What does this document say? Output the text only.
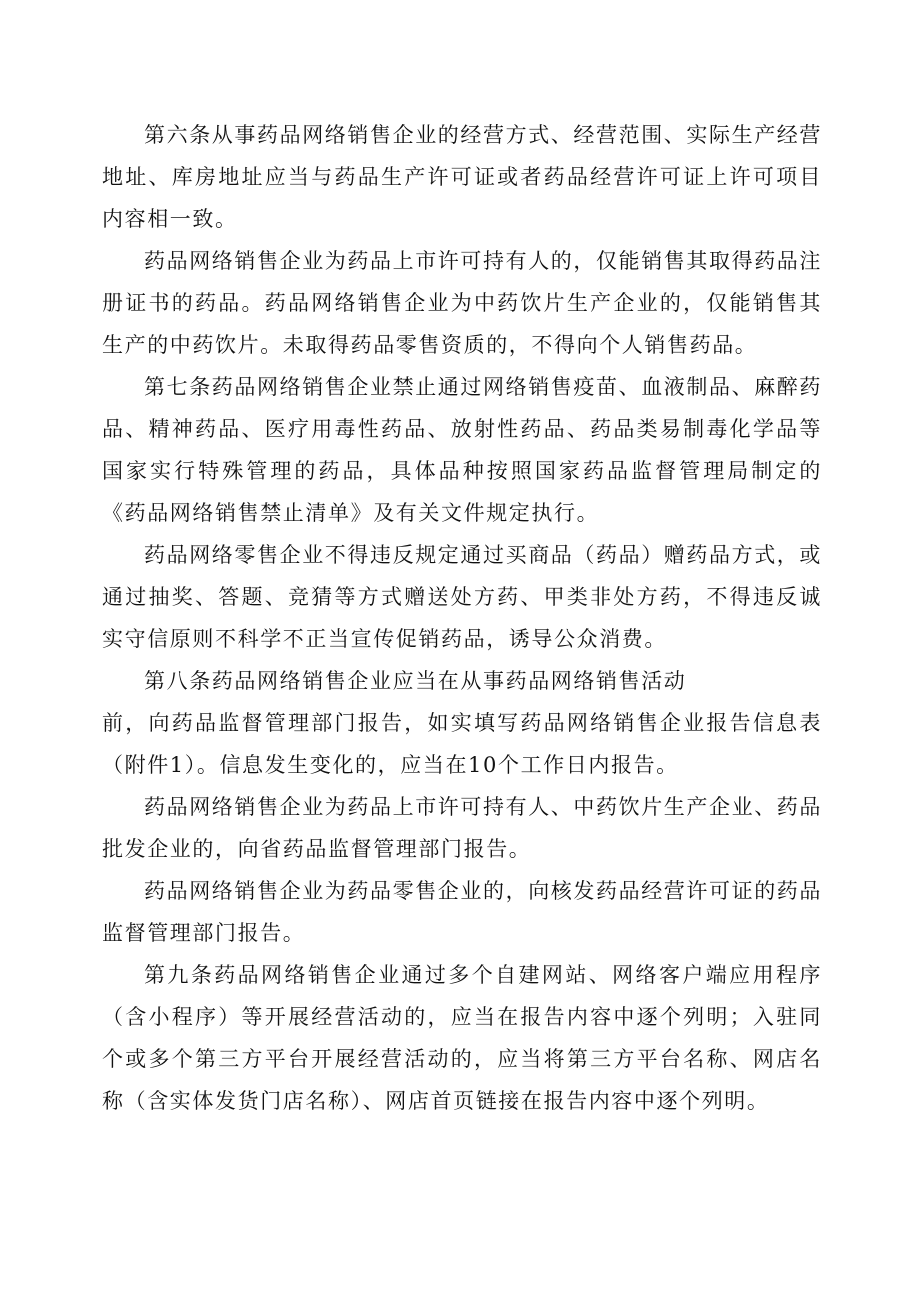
第六条从事药品网络销售企业的经营方式、经营范围、实际生产经营地址、库房地址应当与药品生产许可证或者药品经营许可证上许可项目内容相一致。

药品网络销售企业为药品上市许可持有人的，仅能销售其取得药品注册证书的药品。药品网络销售企业为中药饮片生产企业的，仅能销售其生产的中药饮片。未取得药品零售资质的，不得向个人销售药品。

第七条药品网络销售企业禁止通过网络销售疫苗、血液制品、麻醉药品、精神药品、医疗用毒性药品、放射性药品、药品类易制毒化学品等国家实行特殊管理的药品，具体品种按照国家药品监督管理局制定的《药品网络销售禁止清单》及有关文件规定执行。

药品网络零售企业不得违反规定通过买商品（药品）赠药品方式，或通过抽奖、答题、竞猜等方式赠送处方药、甲类非处方药，不得违反诚实守信原则不科学不正当宣传促销药品，诱导公众消费。

第八条药品网络销售企业应当在从事药品网络销售活动

前，向药品监督管理部门报告，如实填写药品网络销售企业报告信息表（附件1）。信息发生变化的，应当在10个工作日内报告。

药品网络销售企业为药品上市许可持有人、中药饮片生产企业、药品批发企业的，向省药品监督管理部门报告。

药品网络销售企业为药品零售企业的，向核发药品经营许可证的药品监督管理部门报告。

第九条药品网络销售企业通过多个自建网站、网络客户端应用程序（含小程序）等开展经营活动的，应当在报告内容中逐个列明；入驻同个或多个第三方平台开展经营活动的，应当将第三方平台名称、网店名称（含实体发货门店名称）、网店首页链接在报告内容中逐个列明。
